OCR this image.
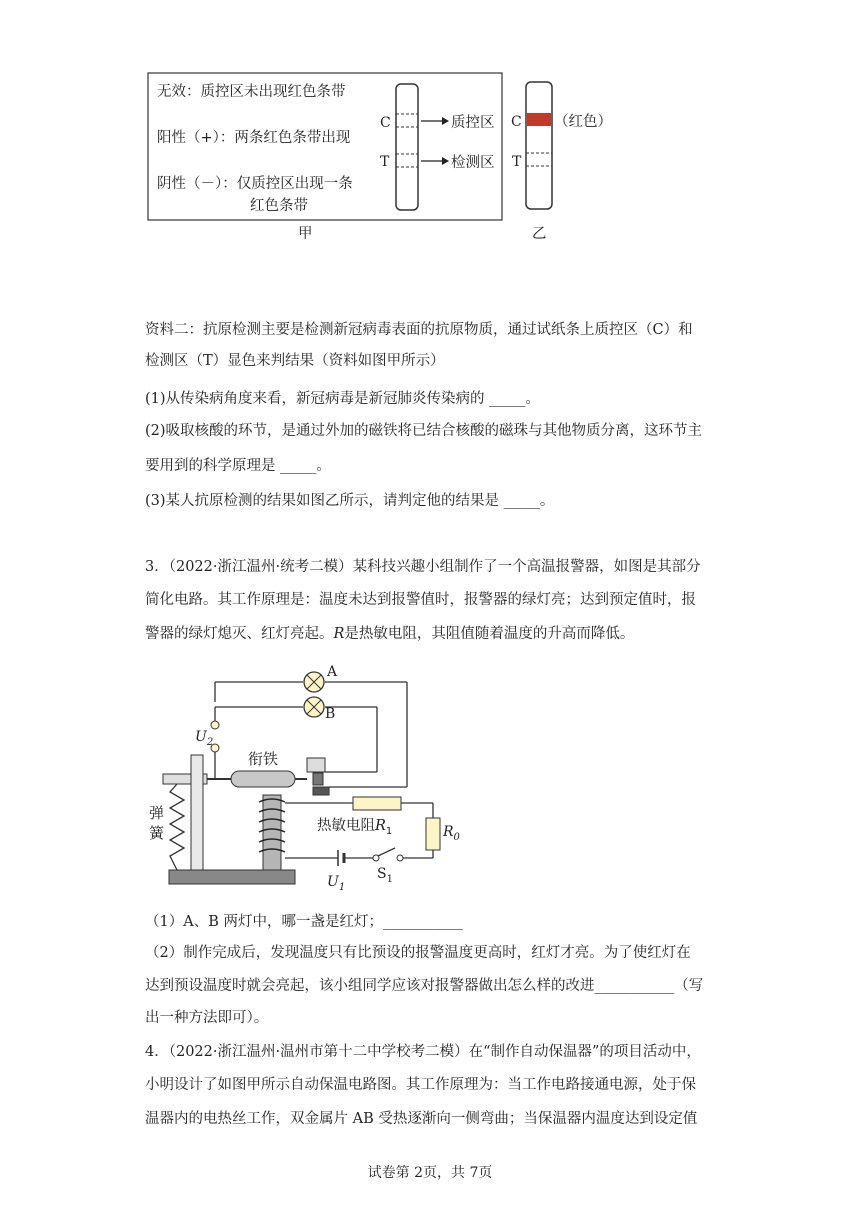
无效：质控区未出现红色条带
阳性（+）：两条红色条带出现
阴性（－）：仅质控区出现一条
红色条带
C
T
质控区
检测区
甲
C
T
（红色）
乙
资料二：抗原检测主要是检测新冠病毒表面的抗原物质，通过试纸条上质控区（C）和
检测区（T）显色来判结果（资料如图甲所示）
(1)从传染病角度来看，新冠病毒是新冠肺炎传染病的 _____。
(2)吸取核酸的环节，是通过外加的磁铁将已结合核酸的磁珠与其他物质分离，这环节主
要用到的科学原理是 _____。
(3)某人抗原检测的结果如图乙所示，请判定他的结果是 _____。
3．（2022·浙江温州·统考二模）某科技兴趣小组制作了一个高温报警器，如图是其部分
简化电路。其工作原理是：温度未达到报警值时，报警器的绿灯亮；达到预定值时，报
警器的绿灯熄灭、红灯亮起。R是热敏电阻，其阻值随着温度的升高而降低。
A
B
$U_2$
衔铁
弹
簧	热敏电阻$R_1$	$R_0$
$U_1$
$S_1$
（1）A、B 两灯中，哪一盏是红灯；___________
（2）制作完成后，发现温度只有比预设的报警温度更高时，红灯才亮。为了使红灯在
达到预设温度时就会亮起，该小组同学应该对报警器做出怎么样的改进___________（写
出一种方法即可）。
4．（2022·浙江温州·温州市第十二中学校考二模）在“制作自动保温器”的项目活动中，
小明设计了如图甲所示自动保温电路图。其工作原理为：当工作电路接通电源，处于保
温器内的电热丝工作，双金属片 AB 受热逐渐向一侧弯曲；当保温器内温度达到设定值
试卷第 2页，共 7页
